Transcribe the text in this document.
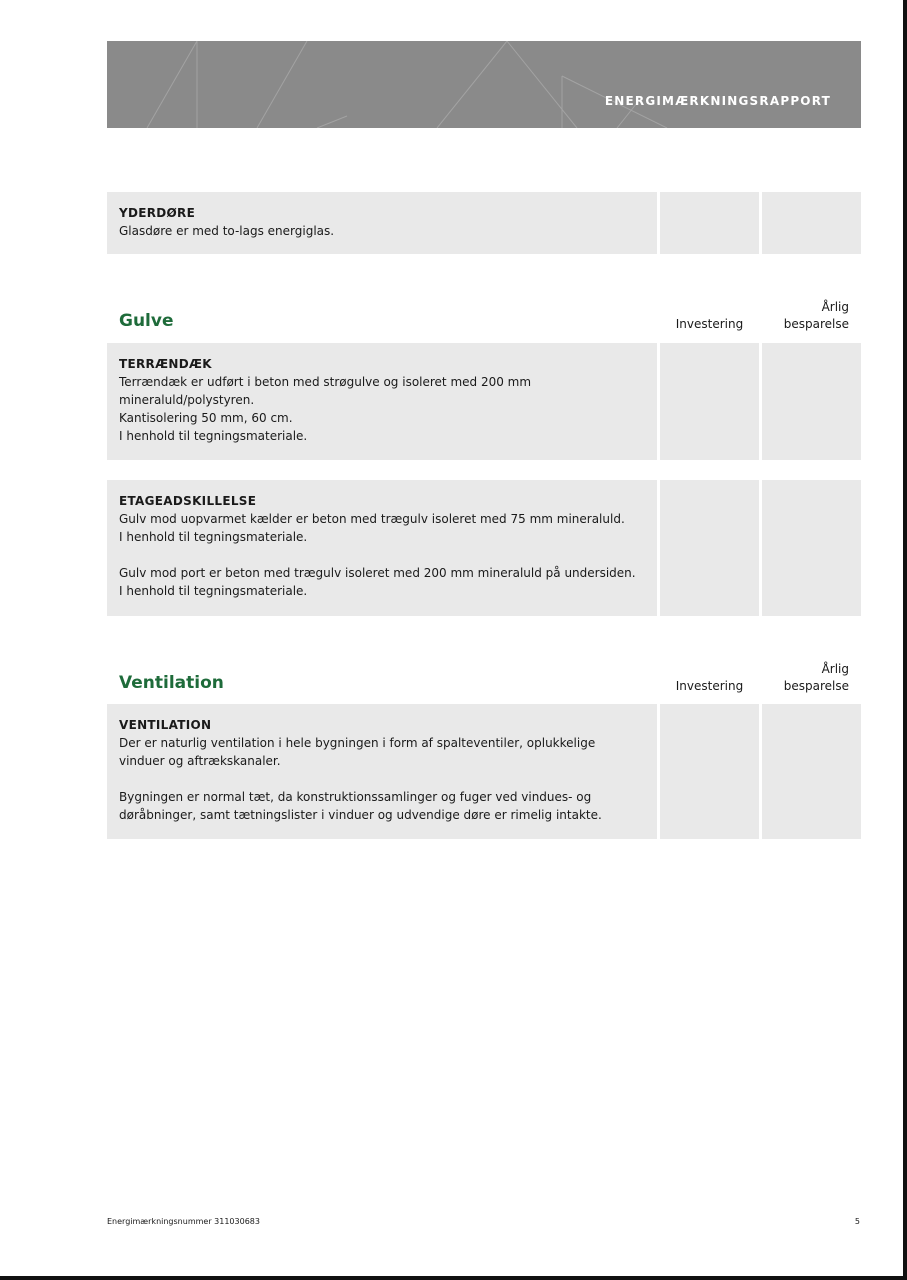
ENERGIMÆRKNINGSRAPPORT
YDERDØRE
Glasdøre er med to-lags energiglas.
Gulve	Investering
Årlig
besparelse
TERRÆNDÆK
Terrændæk er udført i beton med strøgulve og isoleret med 200 mm
mineraluld/polystyren.
Kantisolering 50 mm, 60 cm.
I henhold til tegningsmateriale.
ETAGEADSKILLELSE
Gulv mod uopvarmet kælder er beton med trægulv isoleret med 75 mm mineraluld.
I henhold til tegningsmateriale.
Gulv mod port er beton med trægulv isoleret med 200 mm mineraluld på undersiden.
I henhold til tegningsmateriale.
Ventilation	Investering
Årlig
besparelse
VENTILATION
Der er naturlig ventilation i hele bygningen i form af spalteventiler, oplukkelige
vinduer og aftrækskanaler.
Bygningen er normal tæt, da konstruktionssamlinger og fuger ved vindues- og
døråbninger, samt tætningslister i vinduer og udvendige døre er rimelig intakte.
Energimærkningsnummer 311030683	5
